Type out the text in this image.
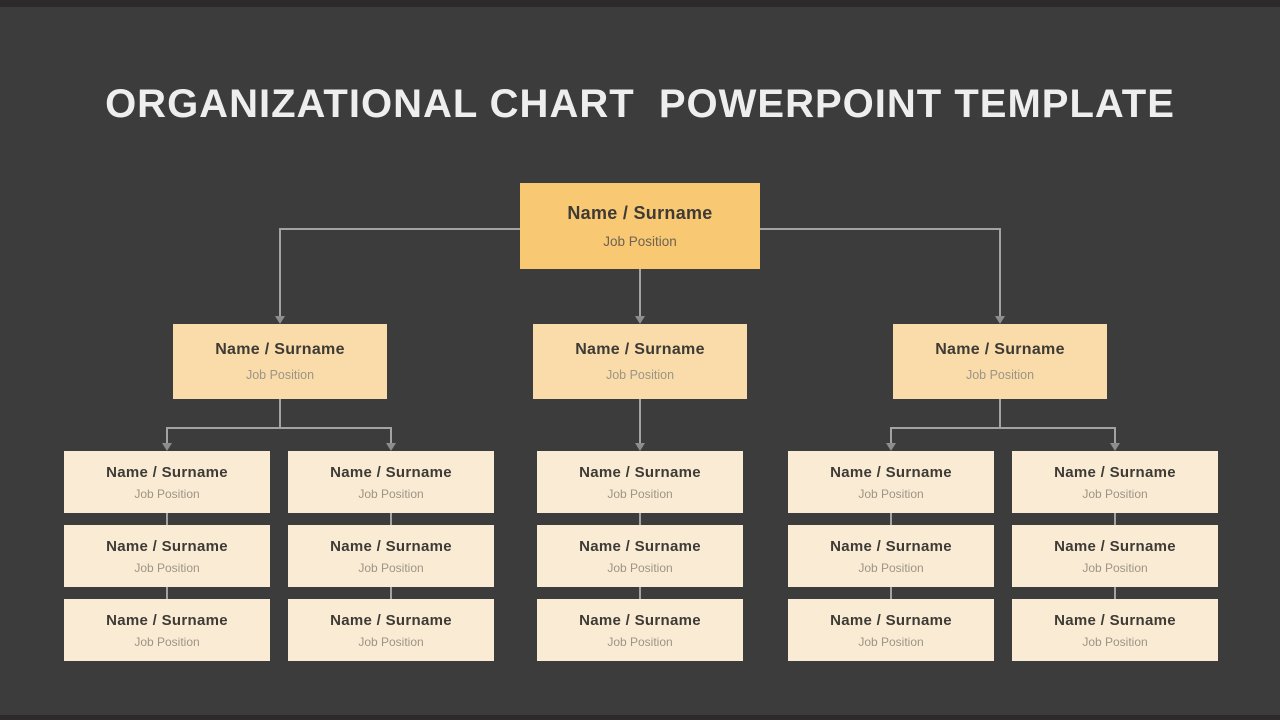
ORGANIZATIONAL CHART  POWERPOINT TEMPLATE
Name / Surname
Job Position
Name / Surname
Job Position
Name / Surname
Job Position
Name / Surname
Job Position
Name / Surname
Job Position
Name / Surname
Job Position
Name / Surname
Job Position
Name / Surname
Job Position
Name / Surname
Job Position
Name / Surname
Job Position
Name / Surname
Job Position
Name / Surname
Job Position
Name / Surname
Job Position
Name / Surname
Job Position
Name / Surname
Job Position
Name / Surname
Job Position
Name / Surname
Job Position
Name / Surname
Job Position
Name / Surname
Job Position
